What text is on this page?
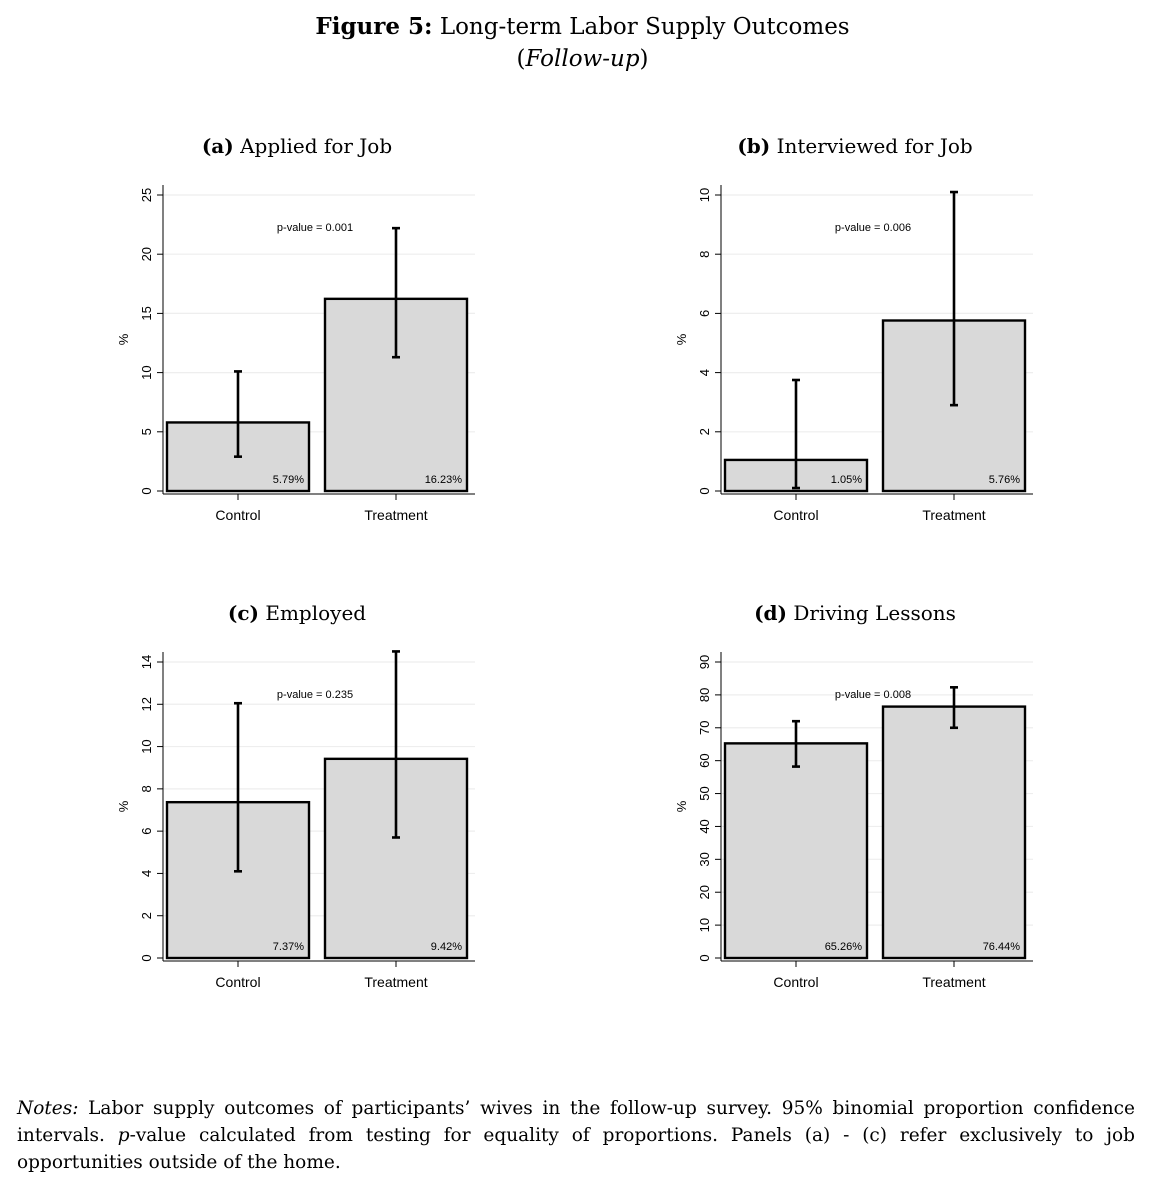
Figure 5: Long-term Labor Supply Outcomes
(Follow-up)
(a) Applied for Job
0
5
10
15
20
25
%
5.79%
Control
16.23%
Treatment
p-value = 0.001
(b) Interviewed for Job
0
2
4
6
8
10
%
1.05%
Control
5.76%
Treatment
p-value = 0.006
(c) Employed
0
2
4
6
8
10
12
14
%
7.37%
Control
9.42%
Treatment
p-value = 0.235
(d) Driving Lessons
0
10
20
30
40
50
60
70
80
90
%
65.26%
Control
76.44%
Treatment
p-value = 0.008
Notes: Labor supply outcomes of participants’ wives in the follow-up survey. 95% binomial proportion confidence intervals. p-value calculated from testing for equality of proportions. Panels (a) - (c) refer exclusively to job opportunities outside of the home.
